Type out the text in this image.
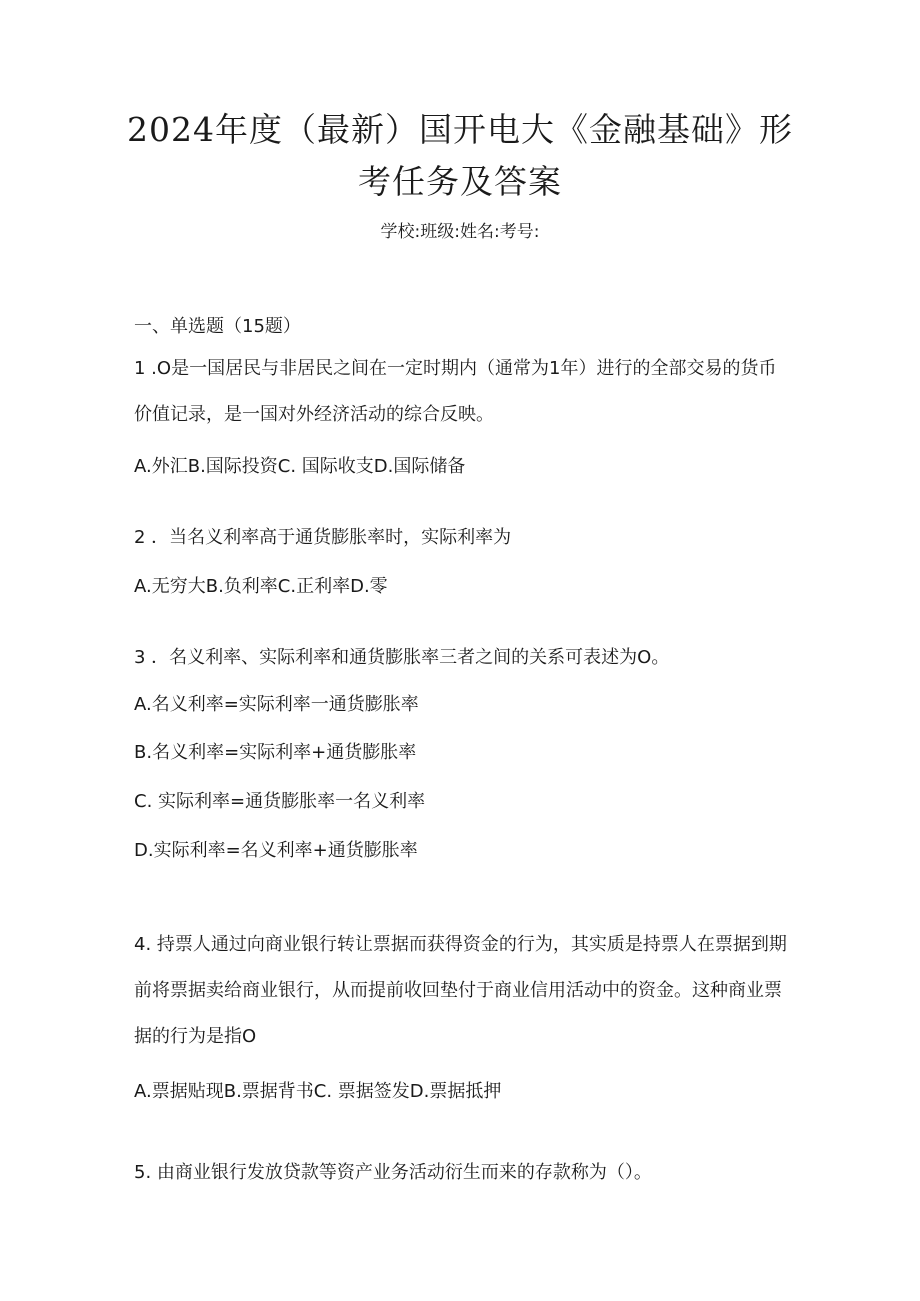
2024年度（最新）国开电大《金融基础》形
考任务及答案
学校:班级:姓名:考号:
一、单选题（15题）
1 .O是一国居民与非居民之间在一定时期内（通常为1年）进行的全部交易的货币价值记录，是一国对外经济活动的综合反映。
A.外汇B.国际投资C. 国际收支D.国际储备
2 ．当名义利率高于通货膨胀率时，实际利率为
A.无穷大B.负利率C.正利率D.零
3 ．名义利率、实际利率和通货膨胀率三者之间的关系可表述为O。
A.名义利率=实际利率一通货膨胀率
B.名义利率=实际利率+通货膨胀率
C. 实际利率=通货膨胀率一名义利率
D.实际利率=名义利率+通货膨胀率
4. 持票人通过向商业银行转让票据而获得资金的行为，其实质是持票人在票据到期前将票据卖给商业银行，从而提前收回垫付于商业信用活动中的资金。这种商业票据的行为是指O
A.票据贴现B.票据背书C. 票据签发D.票据抵押
5. 由商业银行发放贷款等资产业务活动衍生而来的存款称为（）。
